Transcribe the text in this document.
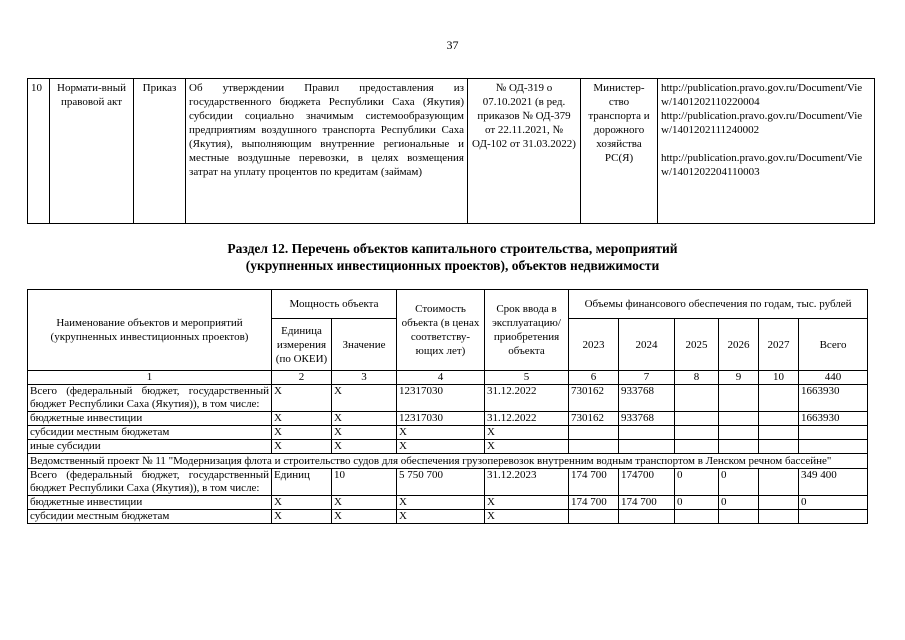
37
10	Нормати-вный правовой акт	Приказ	Об утверждении Правил предоставления из государственного бюджета Республики Саха (Якутия) субсидии социально значимым системообразующим предприятиям воздушного транспорта Республики Саха (Якутия), выполняющим внутренние региональные и местные воздушные перевозки, в целях возмещения затрат на уплату процентов по кредитам (займам)	№ ОД-319 о 07.10.2021 (в ред. приказов № ОД-379 от 22.11.2021, № ОД-102 от 31.03.2022)	Министер-ство транспорта и дорожного хозяйства РС(Я)	
http://publication.pravo.gov.ru/Document/View/1401202110220004
http://publication.pravo.gov.ru/Document/View/1401202111240002
http://publication.pravo.gov.ru/Document/View/1401202204110003
Раздел 12. Перечень объектов капитального строительства, мероприятий
(укрупненных инвестиционных проектов), объектов недвижимости
Наименование объектов и мероприятий (укрупненных инвестиционных проектов)	Мощность объекта		Стоимость объекта (в ценах соответству-ющих лет)	Срок ввода в эксплуатацию/ приобретения объекта	Объемы финансового обеспечения по годам, тыс. рублей					
	Единица измерения (по ОКЕИ)	Значение			2023	2024	2025	2026	2027	Всего
1	2	3	4	5	6	7	8	9	10	440
Всего (федеральный бюджет, государственный бюджет Республики Саха (Якутия)), в том числе:	X	X	12317030	31.12.2022	730162	933768				1663930
бюджетные инвестиции	X	X	12317030	31.12.2022	730162	933768				1663930
субсидии местным бюджетам	X	X	X	X						
иные субсидии	X	X	X	X						
Ведомственный проект № 11 "Модернизация флота и строительство судов для обеспечения грузоперевозок внутренним водным транспортом в Ленском речном бассейне"										
Всего (федеральный бюджет, государственный бюджет Республики Саха (Якутия)), в том числе:	Единиц	10	5 750 700	31.12.2023	174 700	174700	0	0		349 400
бюджетные инвестиции	X	X	X	X	174 700	174 700	0	0		0
субсидии местным бюджетам	X	X	X	X						
